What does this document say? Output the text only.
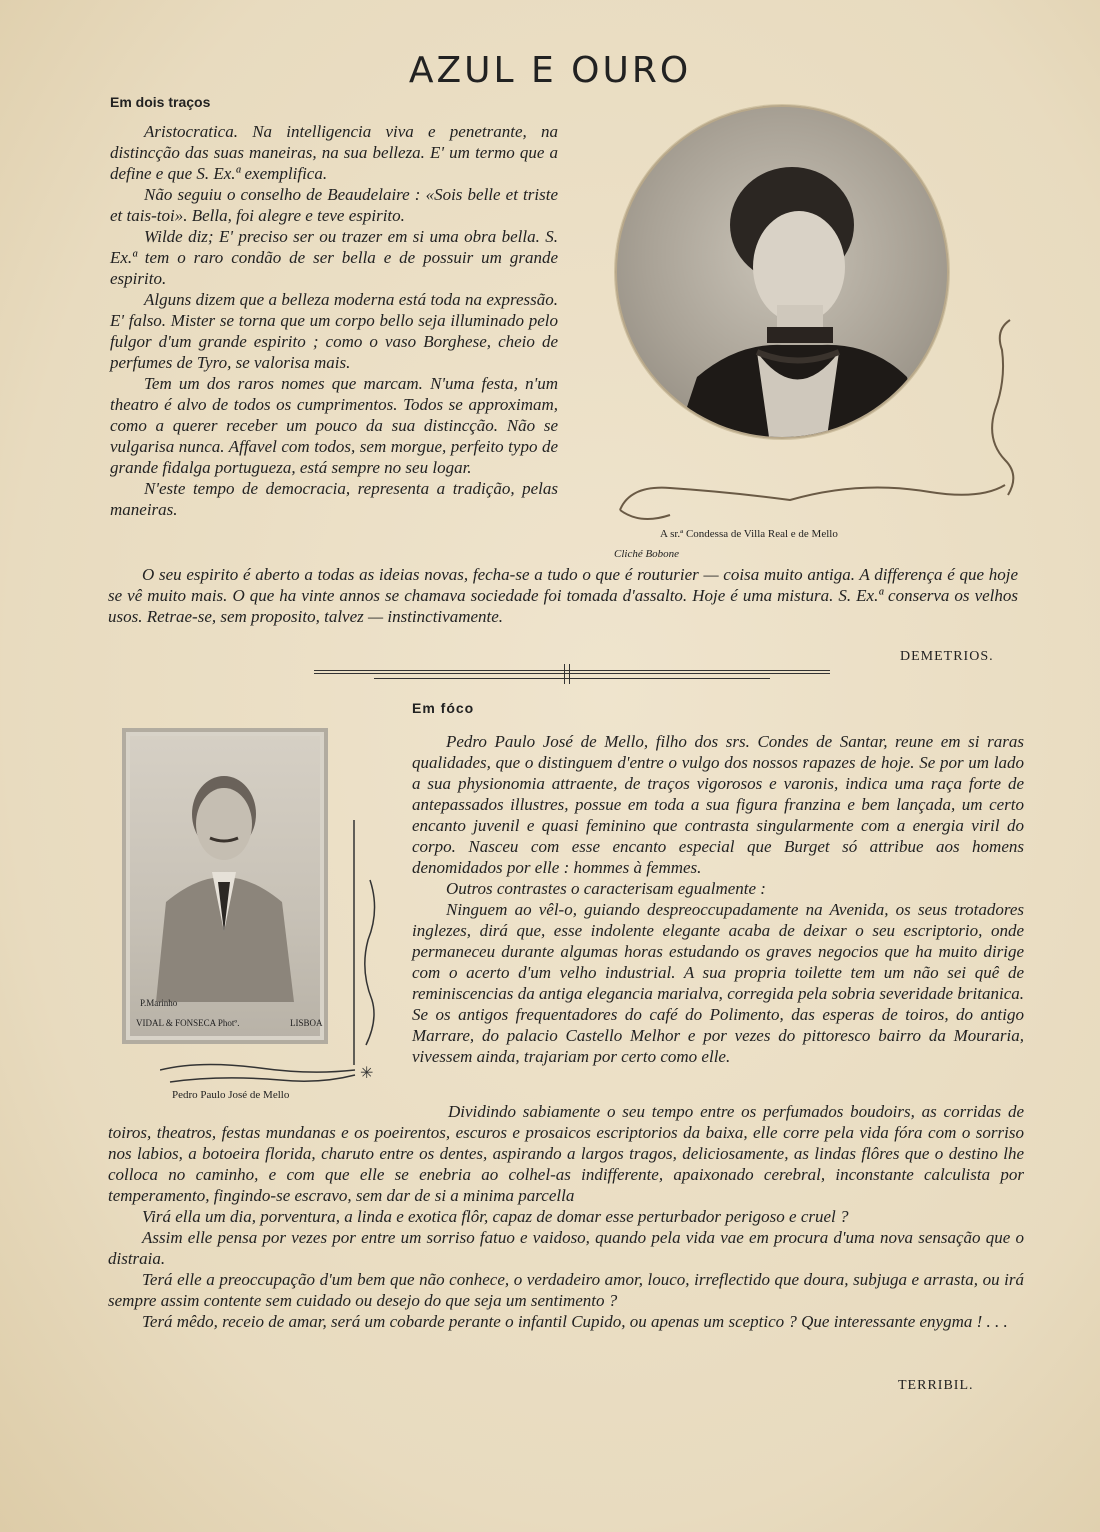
AZUL E OURO
Em dois traços

Aristocratica. Na intelligencia viva e penetrante, na distincção das suas maneiras, na sua belleza. E' um termo que a define e que S. Ex.ª exemplifica.

Não seguiu o conselho de Beaudelaire : «Sois belle et triste et tais-toi». Bella, foi alegre e teve espirito.

Wilde diz; E' preciso ser ou trazer em si uma obra bella. S. Ex.ª tem o raro condão de ser bella e de possuir um grande espirito.

Alguns dizem que a belleza moderna está toda na expressão. E' falso. Mister se torna que um corpo bello seja illuminado pelo fulgor d'um grande espirito ; como o vaso Borghese, cheio de perfumes de Tyro, se valorisa mais.

Tem um dos raros nomes que marcam. N'uma festa, n'um theatro é alvo de todos os cumprimentos. Todos se approximam, como a querer receber um pouco da sua distincção. Não se vulgarisa nunca. Affavel com todos, sem morgue, perfeito typo de grande fidalga portugueza, está sempre no seu logar.

N'este tempo de democracia, representa a tradição, pelas maneiras.

A sr.ª Condessa de Villa Real e de Mello
Cliché Bobone

O seu espirito é aberto a todas as ideias novas, fecha-se a tudo o que é routurier — coisa muito antiga. A differença é que hoje se vê muito mais. O que ha vinte annos se chamava sociedade foi tomada d'assalto. Hoje é uma mistura. S. Ex.ª conserva os velhos usos. Retrae-se, sem proposito, talvez — instinctivamente.

DEMETRIOS.
Em fóco
P.Marinho
VIDAL & FONSECA Photº.	LISBOA
✳
Pedro Paulo José de Mello

Pedro Paulo José de Mello, filho dos srs. Condes de Santar, reune em si raras qualidades, que o distinguem d'entre o vulgo dos nossos rapazes de hoje. Se por um lado a sua physionomia attraente, de traços vigorosos e varonis, indica uma raça forte de antepassados illustres, possue em toda a sua figura franzina e bem lançada, um certo encanto juvenil e quasi feminino que contrasta singularmente com a energia viril do corpo. Nasceu com esse encanto especial que Burget só attribue aos homens denomidados por elle : hommes à femmes.

Outros contrastes o caracterisam egualmente :

Ninguem ao vêl-o, guiando despreoccupadamente na Avenida, os seus trotadores inglezes, dirá que, esse indolente elegante acaba de deixar o seu escriptorio, onde permaneceu durante algumas horas estudando os graves negocios que ha muito dirige com o acerto d'um velho industrial. A sua propria toilette tem um não sei quê de reminiscencias da antiga elegancia marialva, corregida pela sobria severidade britanica. Se os antigos frequentadores do café do Polimento, das esperas de toiros, do antigo Marrare, do palacio Castello Melhor e por vezes do pittoresco bairro da Mouraria, vivessem ainda, trajariam por certo como elle.

Dividindo sabiamente o seu tempo entre os perfumados boudoirs, as corridas de toiros, theatros, festas mundanas e os poeirentos, escuros e prosaicos escriptorios da baixa, elle corre pela vida fóra com o sorriso nos labios, a botoeira florida, charuto entre os dentes, aspirando a largos tragos, deliciosamente, as lindas flôres que o destino lhe colloca no caminho, e com que elle se enebria ao colhel-as indifferente, apaixonado cerebral, inconstante calculista por temperamento, fingindo-se escravo, sem dar de si a minima parcella

Virá ella um dia, porventura, a linda e exotica flôr, capaz de domar esse perturbador perigoso e cruel ?

Assim elle pensa por vezes por entre um sorriso fatuo e vaidoso, quando pela vida vae em procura d'uma nova sensação que o distraia.

Terá elle a preoccupação d'um bem que não conhece, o verdadeiro amor, louco, irreflectido que doura, subjuga e arrasta, ou irá sempre assim contente sem cuidado ou desejo do que seja um sentimento ?

Terá mêdo, receio de amar, será um cobarde perante o infantil Cupido, ou apenas um sceptico ? Que interessante enygma ! . . .

TERRIBIL.
